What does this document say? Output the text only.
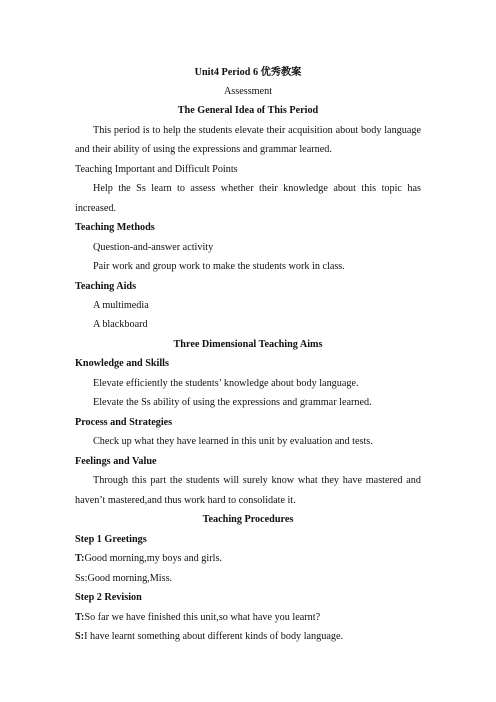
Unit4 Period 6 优秀教案
Assessment
The General Idea of This Period
This period is to help the students elevate their acquisition about body language
and their ability of using the expressions and grammar learned.
Teaching Important and Difficult Points
Help the Ss learn to assess whether their knowledge about this topic has
increased.
Teaching Methods
Question-and-answer activity
Pair work and group work to make the students work in class.
Teaching Aids
A multimedia
A blackboard
Three Dimensional Teaching Aims
Knowledge and Skills
Elevate efficiently the students’ knowledge about body language.
Elevate the Ss ability of using the expressions and grammar learned.
Process and Strategies
Check up what they have learned in this unit by evaluation and tests.
Feelings and Value
Through this part the students will surely know what they have mastered and
haven’t mastered,and thus work hard to consolidate it.
Teaching Procedures
Step 1 Greetings
T:Good morning,my boys and girls.
Ss:Good morning,Miss.
Step 2 Revision
T:So far we have finished this unit,so what have you learnt?
S:I have learnt something about different kinds of body language.
